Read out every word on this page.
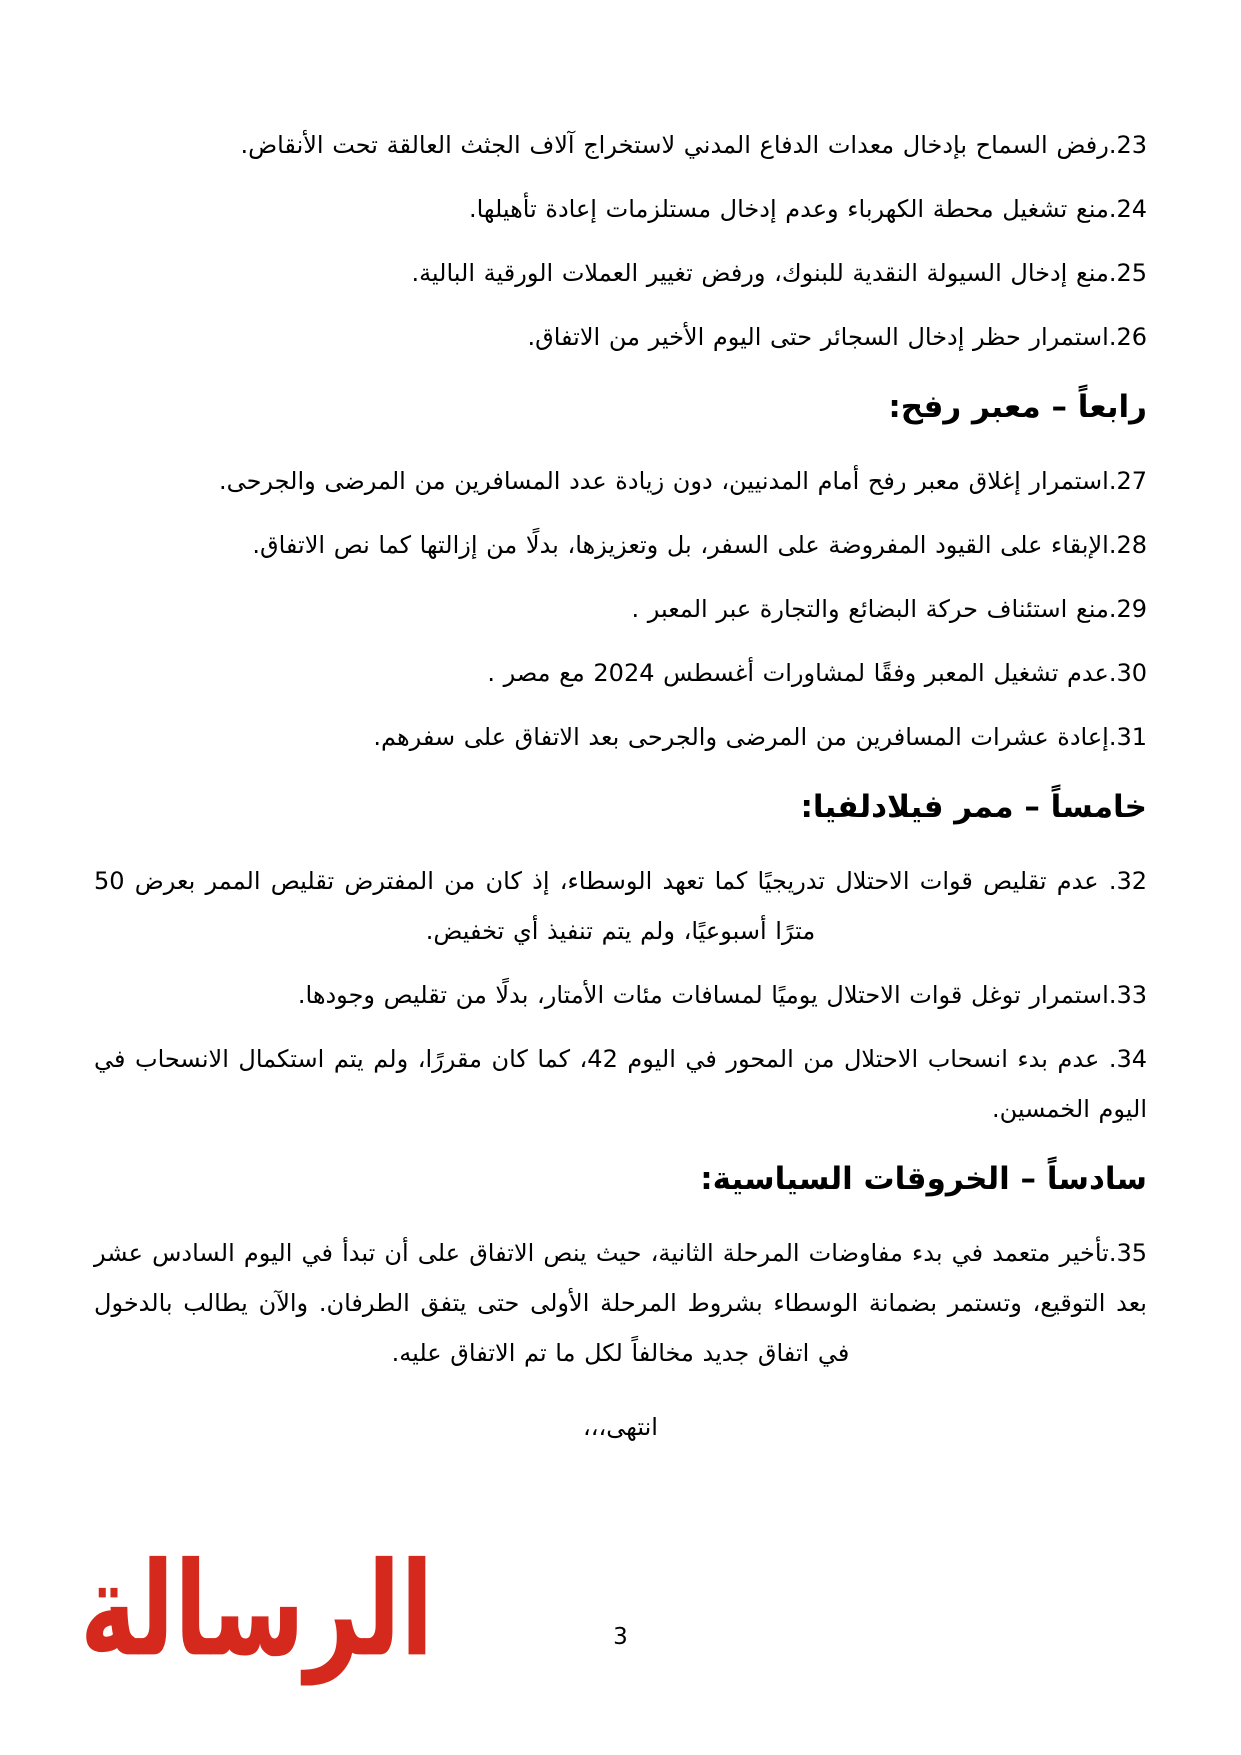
23.رفض السماح بإدخال معدات الدفاع المدني لاستخراج آلاف الجثث العالقة تحت الأنقاض.

24.منع تشغيل محطة الكهرباء وعدم إدخال مستلزمات إعادة تأهيلها.

25.منع إدخال السيولة النقدية للبنوك، ورفض تغيير العملات الورقية البالية.

26.استمرار حظر إدخال السجائر حتى اليوم الأخير من الاتفاق.

رابعاً – معبر رفح:

27.استمرار إغلاق معبر رفح أمام المدنيين، دون زيادة عدد المسافرين من المرضى والجرحى.

28.الإبقاء على القيود المفروضة على السفر، بل وتعزيزها، بدلًا من إزالتها كما نص الاتفاق.

29.منع استئناف حركة البضائع والتجارة عبر المعبر .

30.عدم تشغيل المعبر وفقًا لمشاورات أغسطس 2024 مع مصر .

31.إعادة عشرات المسافرين من المرضى والجرحى بعد الاتفاق على سفرهم.

خامساً – ممر فيلادلفيا:

32. عدم تقليص قوات الاحتلال تدريجيًا كما تعهد الوسطاء، إذ كان من المفترض تقليص الممر بعرض 50 مترًا أسبوعيًا، ولم يتم تنفيذ أي تخفيض.

33.استمرار توغل قوات الاحتلال يوميًا لمسافات مئات الأمتار، بدلًا من تقليص وجودها.

34. عدم بدء انسحاب الاحتلال من المحور في اليوم 42، كما كان مقررًا، ولم يتم استكمال الانسحاب في اليوم الخمسين.

سادساً – الخروقات السياسية:

35.تأخير متعمد في بدء مفاوضات المرحلة الثانية، حيث ينص الاتفاق على أن تبدأ في اليوم السادس عشر بعد التوقيع، وتستمر بضمانة الوسطاء بشروط المرحلة الأولى حتى يتفق الطرفان. والآن يطالب بالدخول في اتفاق جديد مخالفاً لكل ما تم الاتفاق عليه.

انتهى،،،

الرسالة	3
